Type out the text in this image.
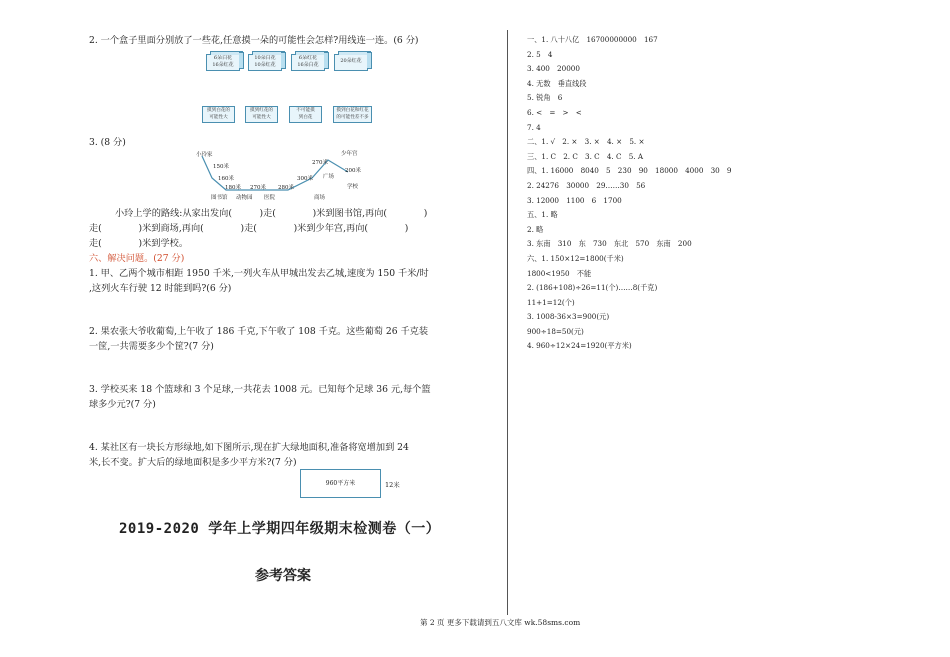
2. 一个盒子里面分别放了一些花,任意摸一朵的可能性会怎样?用线连一连。(6 分)
6朵白花
16朵红花
10朵白花
10朵红花
6朵红花
16朵白花
20朵红花
摸到白花的
可能性大
摸到红花的
可能性大
不可能摸
到白花
摸到白花和红花
的可能性差不多
3. (8 分)
小玲家
150米
160米
180米 270米 280米
300米
270米
200米
少年宫
广场
学校
图书馆 动物园 医院	商场
小玲上学的路线:从家出发向(　　　)走(　　　　)米到图书馆,再向(　　　　)
走(　　　　)米到商场,再向(　　　　)走(　　　　)米到少年宫,再向(　　　　)
走(　　　　)米到学校。
六、解决问题。(27 分)
1. 甲、乙两个城市相距 1950 千米,一列火车从甲城出发去乙城,速度为 150 千米/时
,这列火车行驶 12 时能到吗?(6 分)
2. 果农张大爷收葡萄,上午收了 186 千克,下午收了 108 千克。这些葡萄 26 千克装
一筐,一共需要多少个筐?(7 分)
3. 学校买来 18 个篮球和 3 个足球,一共花去 1008 元。已知每个足球 36 元,每个篮
球多少元?(7 分)
4. 某社区有一块长方形绿地,如下图所示,现在扩大绿地面积,准备将宽增加到 24
米,长不变。扩大后的绿地面积是多少平方米?(7 分)
960平方米	12米
2019-2020 学年上学期四年级期末检测卷（一）
参考答案
一、1. 八十八亿　16700000000　167
2. 5　4
3. 400　20000
4. 无数　垂直线段
5. 锐角　6
6. <　=　>　<
7. 4
二、1. √　2. ×　3. ×　4. ×　5. ×
三、1. C　2. C　3. C　4. C　5. A
四、1. 16000　8040　5　230　90　18000　4000　30　9
2. 24276　30000　29……30　56
3. 12000　1100　6　1700
五、1. 略
2. 略
3. 东南　310　东　730　东北　570　东南　200
六、1. 150×12=1800(千米)
1800<1950　不能
2. (186+108)÷26=11(个)……8(千克)
11+1=12(个)
3. 1008-36×3=900(元)
900÷18=50(元)
4. 960÷12×24=1920(平方米)
第 2 页 更多下载请到五八文库 wk.58sms.com
